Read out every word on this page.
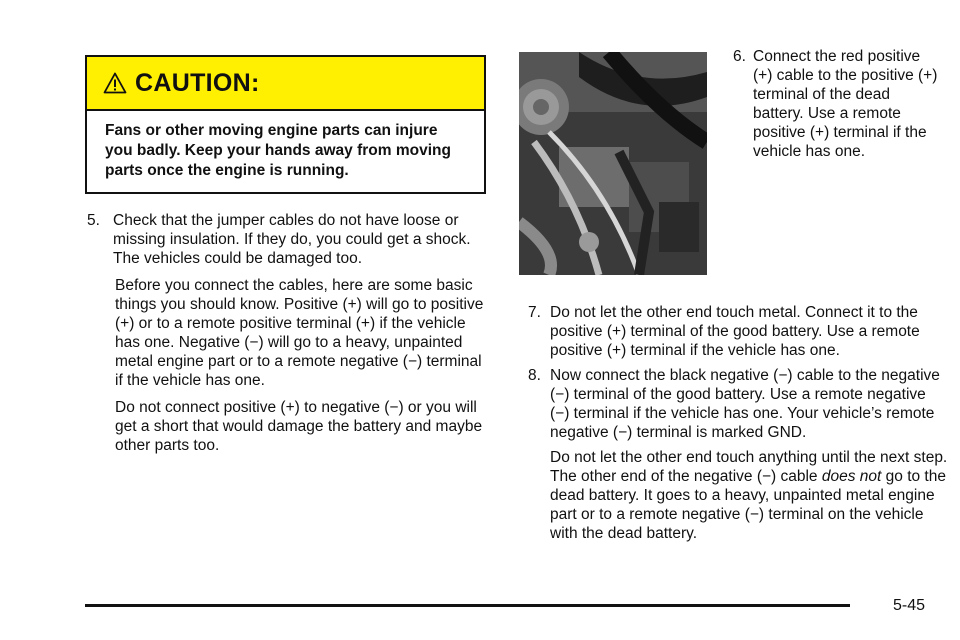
CAUTION:
Fans or other moving engine parts can injure you badly. Keep your hands away from moving parts once the engine is running.
5. Check that the jumper cables do not have loose or missing insulation. If they do, you could get a shock. The vehicles could be damaged too.
Before you connect the cables, here are some basic things you should know. Positive (+) will go to positive (+) or to a remote positive terminal (+) if the vehicle has one. Negative (−) will go to a heavy, unpainted metal engine part or to a remote negative (−) terminal if the vehicle has one.
Do not connect positive (+) to negative (−) or you will get a short that would damage the battery and maybe other parts too.
6. Connect the red positive (+) cable to the positive (+) terminal of the dead battery. Use a remote positive (+) terminal if the vehicle has one.
7. Do not let the other end touch metal. Connect it to the positive (+) terminal of the good battery. Use a remote positive (+) terminal if the vehicle has one.
8. Now connect the black negative (−) cable to the negative (−) terminal of the good battery. Use a remote negative (−) terminal if the vehicle has one. Your vehicle’s remote negative (−) terminal is marked GND.
Do not let the other end touch anything until the next step. The other end of the negative (−) cable does not go to the dead battery. It goes to a heavy, unpainted metal engine part or to a remote negative (−) terminal on the vehicle with the dead battery.
5-45
